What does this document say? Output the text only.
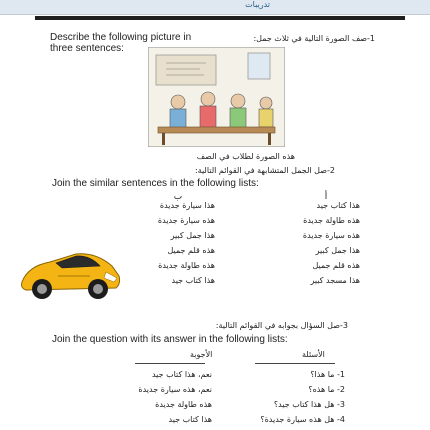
تدريبات
Describe the following picture in three sentences:
1-صف الصورة التالية في ثلاث جمل:
هذه الصورة لطلاب في الصف
2-صل الجمل المتشابهة في القوائم التالية:
Join the similar sentences in the following lists:
ب	أ
هذا سيارة جديدة
هذه سيارة جديدة
هذا جمل كبير
هذه قلم جميل
هذه طاولة جديدة
هذا كتاب جيد
هذا كتاب جيد
هذه طاولة جديدة
هذه سيارة جديدة
هذا جمل كبير
هذه قلم جميل
هذا مسجد كبير
3-صل السؤال بجوابه في القوائم التالية:
Join the question with its answer in the following lists:
الأجوبة	الأسئلة
نعم، هذا كتاب جيد
نعم، هذه سيارة جديدة
هذه طاولة جديدة
هذا كتاب جيد
1- ما هذا؟
2- ما هذه؟
3- هل هذا كتاب جيد؟
4- هل هذه سيارة جديدة؟
